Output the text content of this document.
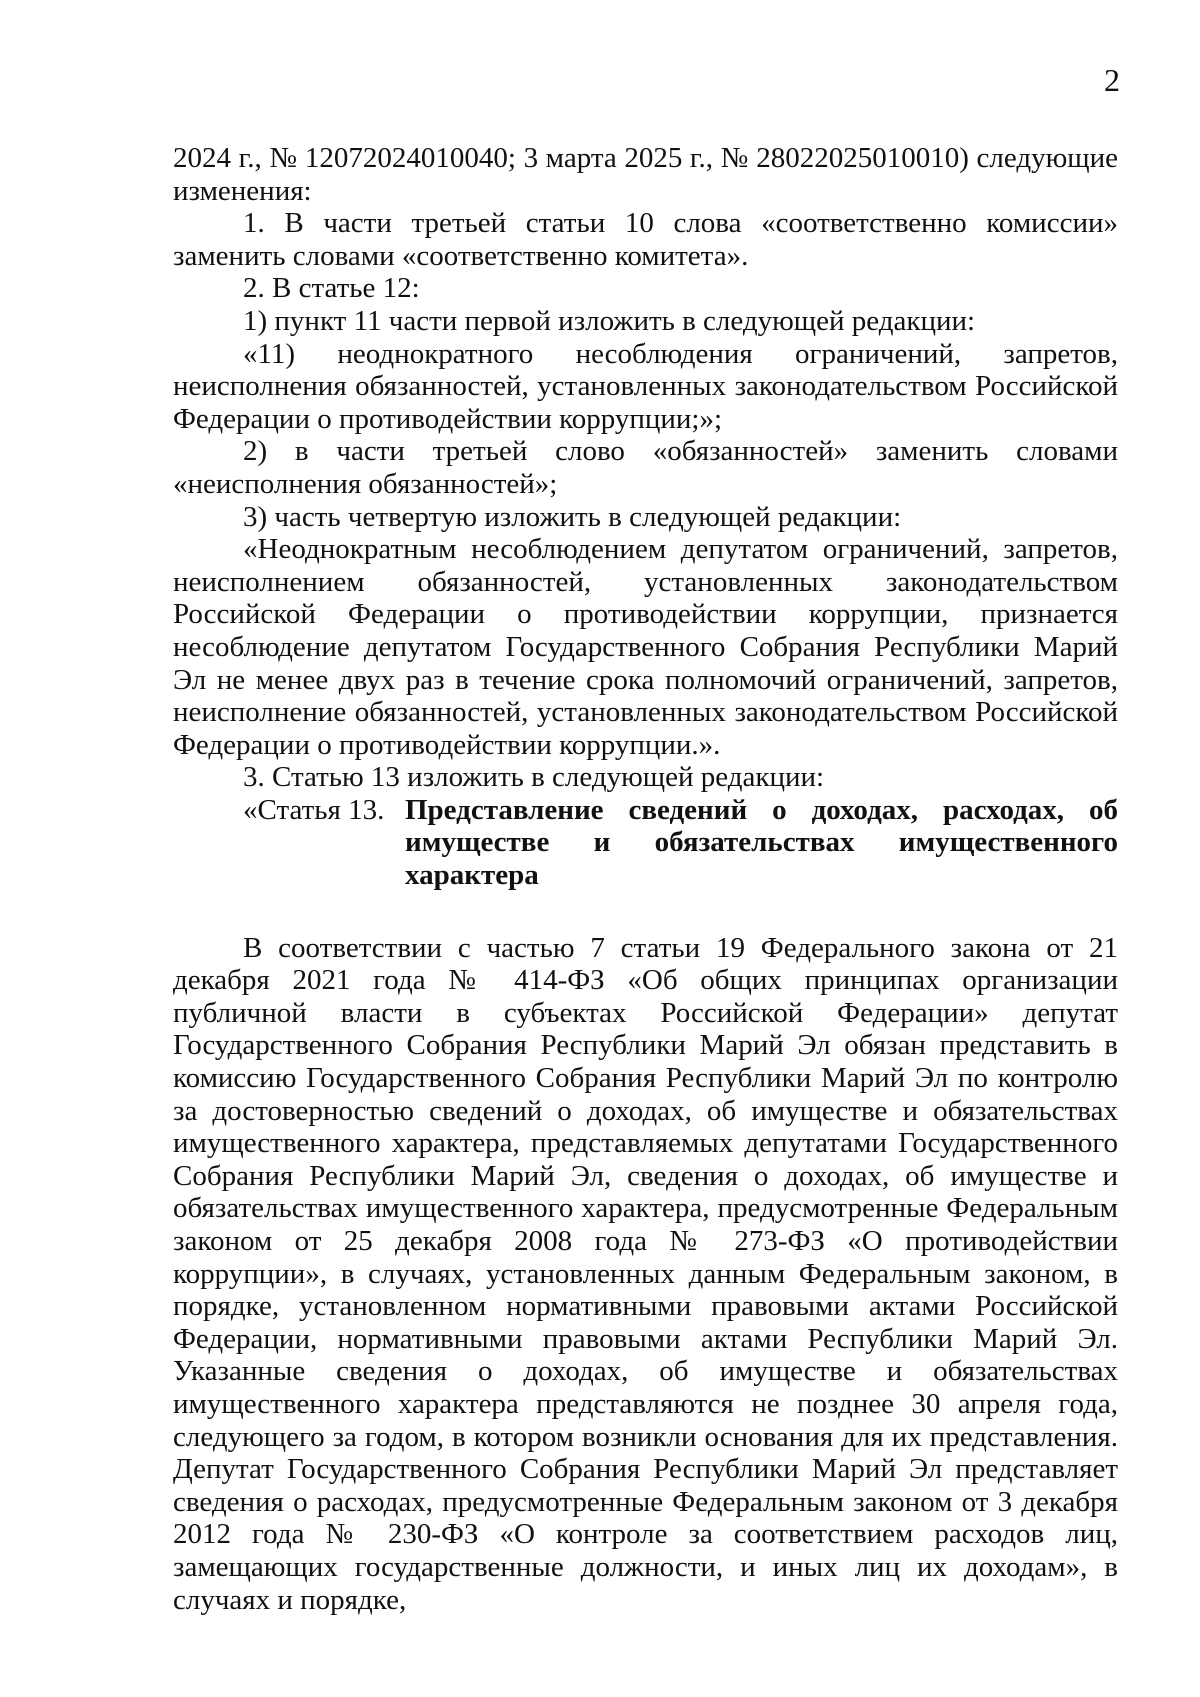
2

2024 г., № 12072024010040; 3 марта 2025 г., № 28022025010010) следующие изменения:

1. В части третьей статьи 10 слова «соответственно комиссии» заменить словами «соответственно комитета».

2. В статье 12:

1) пункт 11 части первой изложить в следующей редакции:

«11) неоднократного несоблюдения ограничений, запретов, неисполнения обязанностей, установленных законодательством Российской Федерации о противодействии коррупции;»;

2) в части третьей слово «обязанностей» заменить словами «неисполнения обязанностей»;

3) часть четвертую изложить в следующей редакции:

«Неоднократным несоблюдением депутатом ограничений, запретов, неисполнением обязанностей, установленных законодательством Российской Федерации о противодействии коррупции, признается несоблюдение депутатом Государственного Собрания Республики Марий Эл не менее двух раз в течение срока полномочий ограничений, запретов, неисполнение обязанностей, установленных законодательством Российской Федерации о противодействии коррупции.».

3. Статью 13 изложить в следующей редакции:

«Статья 13. Представление сведений о доходах, расходах, об имуществе и обязательствах имущественного характера

В соответствии с частью 7 статьи 19 Федерального закона от 21 декабря 2021 года № 414-ФЗ «Об общих принципах организации публичной власти в субъектах Российской Федерации» депутат Государственного Собрания Республики Марий Эл обязан представить в комиссию Государственного Собрания Республики Марий Эл по контролю за достоверностью сведений о доходах, об имуществе и обязательствах имущественного характера, представляемых депутатами Государственного Собрания Республики Марий Эл, сведения о доходах, об имуществе и обязательствах имущественного характера, предусмотренные Федеральным законом от 25 декабря 2008 года № 273-ФЗ «О противодействии коррупции», в случаях, установленных данным Федеральным законом, в порядке, установленном нормативными правовыми актами Российской Федерации, нормативными правовыми актами Республики Марий Эл. Указанные сведения о доходах, об имуществе и обязательствах имущественного характера представляются не позднее 30 апреля года, следующего за годом, в котором возникли основания для их представления. Депутат Государственного Собрания Республики Марий Эл представляет сведения о расходах, предусмотренные Федеральным законом от 3 декабря 2012 года № 230-ФЗ «О контроле за соответствием расходов лиц, замещающих государственные должности, и иных лиц их доходам», в случаях и порядке,
